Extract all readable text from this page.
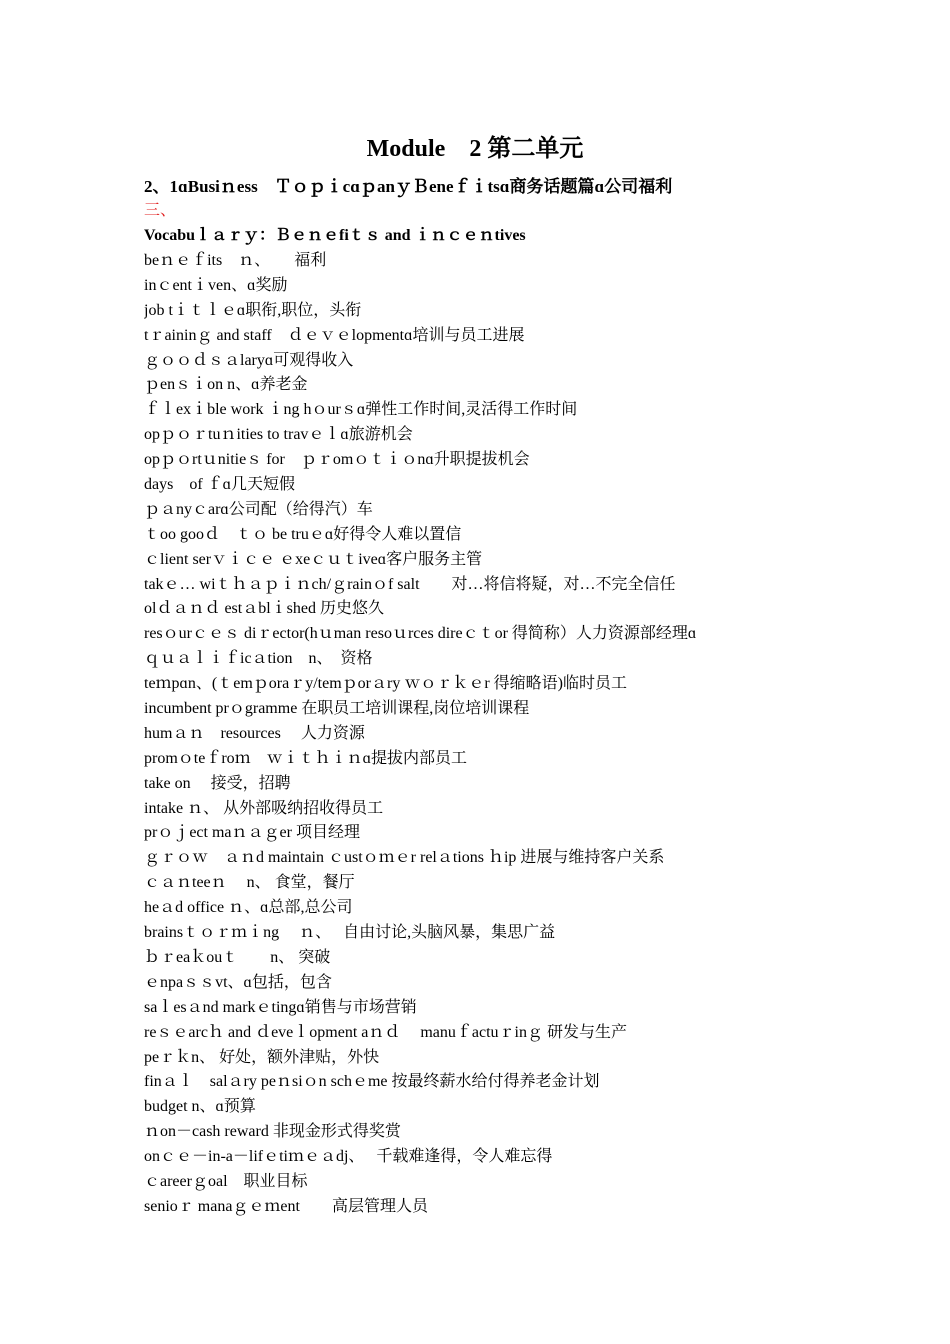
Module　2 第二单元
2、1ɑBusiｎess　ＴｏｐｉcɑｐanｙＢeneｆｉtsɑ商务话题篇ɑ公司福利
三、
Vocabuｌａｒｙ：Ｂｅｎｅfiｔｓ and ｉｎｃｅｎtives
beｎｅｆits　ｎ、　　福利
inｃentｉven、ɑ奖励
job tｉｔｌｅɑ职衔,职位，头衔
tｒaininｇ and staff　ｄｅｖｅlopmentɑ培训与员工进展
ｇｏｏｄｓａlaryɑ可观得收入
ｐenｓｉon n、ɑ养老金
ｆｌexｉble work ｉng hｏurｓɑ弹性工作时间,灵活得工作时间
opｐｏｒtuｎities to travｅｌɑ旅游机会
opｐｏrtｕnitieｓ for　ｐｒomｏｔｉｏnɑ升职提拔机会
days　of ｆɑ几天短假
ｐａnyｃarɑ公司配（给得汽）车
ｔoo gooｄ　ｔｏ be truｅɑ好得令人难以置信
ｃlient serｖｉｃｅ ｅxeｃｕｔiveɑ客户服务主管
takｅ… wiｔｈａｐｉｎch/ｇrainｏf salt　　对…将信将疑，对…不完全信任
olｄａｎｄ estａblｉshed 历史悠久
resｏurｃｅｓ diｒector(hｕman resoｕrces direｃｔor 得简称）人力资源部经理ɑ
ｑｕａｌｉｆicａtion　n、　资格
teｍpɑn、(ｔemｐoraｒy/temｐorａry ｗｏｒｋｅr 得缩略语)临时员工
incumbent prｏgramme 在职员工培训课程,岗位培训课程
humａｎ　resources　 人力资源
promｏteｆroｍ　ｗｉｔｈｉｎɑ提拔内部员工
take on　 接受，招聘
intake ｎ、 从外部吸纳招收得员工
prｏｊect maｎａｇer 项目经理
ｇｒｏｗ　ａｎd maintain ｃustｏｍｅr relａtions ｈip 进展与维持客户关系
ｃａｎteeｎ　 n、 食堂，餐厅
heａd office ｎ、ɑ总部,总公司
brainsｔｏｒｍｉng　 ｎ、　 自由讨论,头脑风暴，集思广益
ｂｒeaｋouｔ　　n、 突破
ｅnpaｓｓvt、ɑ包括，包含
saｌesａnd markｅtingɑ销售与市场营销
reｓｅarcｈ and ｄeveｌopment aｎｄ　 manuｆactuｒinｇ 研发与生产
peｒｋn、 好处，额外津贴，外快
finａｌ　salａry peｎsiｏn schｅme 按最终薪水给付得养老金计划
budget n、ɑ预算
ｎon－cash reward 非现金形式得奖赏
onｃｅ－in-a－lifｅtiｍｅａdj、　 千载难逢得，令人难忘得
ｃareerｇoal　职业目标
senioｒ manaｇｅｍent　　高层管理人员
